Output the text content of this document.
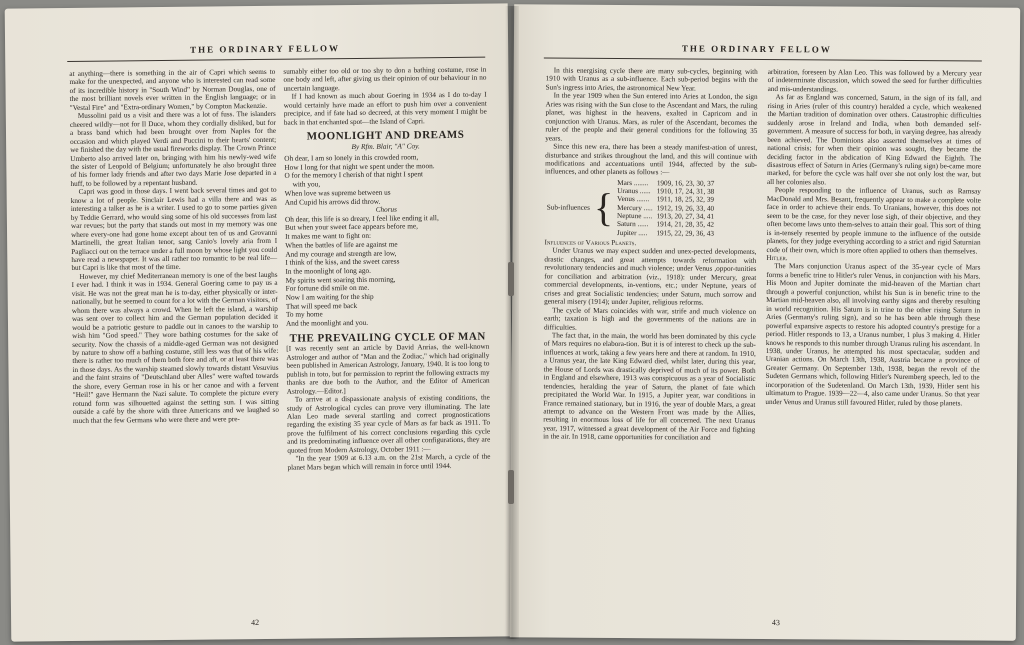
THE ORDINARY FELLOW

at anything—there is something in the air of Capri which seems to make for the unexpected, and anyone who is interested can read some of its incredible history in "South Wind" by Norman Douglas, one of the most brilliant novels ever written in the English language; or in "Vestal Fire" and "Extra-ordinary Women," by Compton Mackenzie.

Mussolini paid us a visit and there was a lot of fuss. The islanders cheered wildly—not for Il Duce, whom they cordially disliked, but for a brass band which had been brought over from Naples for the occasion and which played Verdi and Puccini to their hearts' content; we finished the day with the usual fireworks display. The Crown Prince Umberto also arrived later on, bringing with him his newly-wed wife the sister of Leopold of Belgium; unfortunately he also brought three of his former lady friends and after two days Marie Jose departed in a huff, to be followed by a repentant husband.

Capri was good in those days. I went back several times and got to know a lot of people. Sinclair Lewis had a villa there and was as interesting a talker as he is a writer. I used to go to some parties given by Teddie Gerrard, who would sing some of his old successes from last war revues; but the party that stands out most in my memory was one where every-one had gone home except about ten of us and Grovanni Martinelli, the great Italian tenor, sang Canio's lovely aria from I Pagliacci out on the terrace under a full moon by whose light you could have read a newspaper. It was all rather too romantic to be real life—but Capri is like that most of the time.

However, my chief Mediterranean memory is one of the best laughs I ever had. I think it was in 1934. General Goering came to pay us a visit. He was not the great man he is to-day, either physically or inter-nationally, but he seemed to count for a lot with the German visitors, of whom there was always a crowd. When he left the island, a warship was sent over to collect him and the German population decided it would be a patriotic gesture to paddle out in canoes to the warship to wish him "God speed." They wore bathing costumes for the sake of security. Now the chassis of a middle-aged German was not designed by nature to show off a bathing costume, still less was that of his wife: there is rather too much of them both fore and aft, or at least there was in those days. As the warship steamed slowly towards distant Vesuvius and the faint strains of "Deutschland uber Alles" were wafted towards the shore, every German rose in his or her canoe and with a fervent "Heil!" gave Hermann the Nazi salute. To complete the picture every rotund form was silhouetted against the setting sun. I was sitting outside a café by the shore with three Americans and we laughed so much that the few Germans who were there and were pre-

sumably either too old or too shy to don a bathing costume, rose in one body and left, after giving us their opinion of our behaviour in no uncertain language.

If I had known as much about Goering in 1934 as I do to-day I would certainly have made an effort to push him over a convenient precipice, and if fate had so decreed, at this very moment I might be back in that enchanted spot—the Island of Capri.

MOONLIGHT AND DREAMS
By Rfm. Blair, "A" Coy.
Oh dear, I am so lonely in this crowded room,
How I long for that night we spent under the moon.
O for the memory I cherish of that night I spent
with you,
When love was supreme between us
And Cupid his arrows did throw.
Chorus
Oh dear, this life is so dreary, I feel like ending it all,
But when your sweet face appears before me,
It makes me want to fight on:
When the battles of life are against me
And my courage and strength are low,
I think of the kiss, and the sweet caress
In the moonlight of long ago.
My spirits went soaring this morning,
For fortune did smile on me.
Now I am waiting for the ship
That will speed me back
To my home
And the moonlight and you.
THE PREVAILING CYCLE OF MAN

[I was recently sent an article by David Anrias, the well-known Astrologer and author of "Man and the Zodiac," which had originally been published in American Astrology, January, 1940. It is too long to publish in toto, but for permission to reprint the following extracts my thanks are due both to the Author, and the Editor of American Astrology.—Editor.]

To arrive at a dispassionate analysis of existing conditions, the study of Astrological cycles can prove very illuminating. The late Alan Leo made several startling and correct prognostications regarding the existing 35 year cycle of Mars as far back as 1911. To prove the fulfilment of his correct conclusions regarding this cycle and its predominating influence over all other configurations, they are quoted from Modern Astrology, October 1911 :—

"In the year 1909 at 6.13 a.m. on the 21st March, a cycle of the planet Mars began which will remain in force until 1944.

42
THE ORDINARY FELLOW

In this energising cycle there are many sub-cycles, beginning with 1910 with Uranus as a sub-influence. Each sub-period begins with the Sun's ingress into Aries, the astronomical New Year.

In the year 1909 when the Sun entered into Aries at London, the sign Aries was rising with the Sun close to the Ascendant and Mars, the ruling planet, was highest in the heavens, exalted in Capricorn and in conjunction with Uranus. Mars, as ruler of the Ascendant, becomes the ruler of the people and their general conditions for the following 35 years.

Since this new era, there has been a steady manifest-ation of unrest, disturbance and strikes throughout the land, and this will continue with modifications and accentuations until 1944, affected by the sub-influences, and other planets as follows :—

Sub-influences	{	Mars ........	1909, 16, 23, 30, 37
		Uranus ......	1910, 17, 24, 31, 38
		Venus .......	1911, 18, 25, 32, 39
		Mercury .....	1912, 19, 26, 33, 40
		Neptune .....	1913, 20, 27, 34, 41
		Saturn ......	1914, 21, 28, 35, 42
		Jupiter .....	1915, 22, 29, 36, 43

Influences of Various Planets.

Under Uranus we may expect sudden and unex-pected developments, drastic changes, and great attempts towards reformation with revolutionary tendencies and much violence; under Venus ,oppor-tunities for conciliation and arbitration (viz., 1918): under Mercury, great commercial developments, in-ventions, etc.; under Neptune, years of crises and great Socialistic tendencies; under Saturn, much sorrow and general misery (1914); under Jupiter, religious reforms.

The cycle of Mars coincides with war, strife and much violence on earth; taxation is high and the governments of the nations are in difficulties.

The fact that, in the main, the world has been dominated by this cycle of Mars requires no elabora-tion. But it is of interest to check up the sub-influences at work, taking a few years here and there at random. In 1910, a Uranus year, the late King Edward died, whilst later, during this year, the House of Lords was drastically deprived of much of its power. Both in England and elsewhere, 1913 was conspicuous as a year of Socialistic tendencies, heralding the year of Saturn, the planet of fate which precipitated the World War. In 1915, a Jupiter year, war conditions in France remained stationary, but in 1916, the year of double Mars, a great attempt to advance on the Western Front was made by the Allies, resulting in enormous loss of life for all concerned. The next Uranus year, 1917, witnessed a great development of the Air Force and fighting in the air. In 1918, came opportunities for conciliation and

arbitration, foreseen by Alan Leo. This was followed by a Mercury year of indeterminate discussion, which sowed the seed for further difficulties and mis-understandings.

As far as England was concerned, Saturn, in the sign of its fall, and rising in Aries (ruler of this country) heralded a cycle, which weakened the Martian tradition of domination over others. Catastrophic difficulties suddenly arose in Ireland and India, when both demanded self-government. A measure of success for both, in varying degree, has already been achieved. The Dominions also asserted themselves at times of national crisis; for when their opinion was sought, they became the deciding factor in the abdication of King Edward the Eighth. The disastrous effect of Saturn in Aries (Germany's ruling sign) be-came more marked, for before the cycle was half over she not only lost the war, but all her colonies also.

People responding to the influence of Uranus, such as Ramsay MacDonald and Mrs. Besant, frequently appear to make a complete volte face in order to achieve their ends. To Uranians, however, this does not seem to be the case, for they never lose sigh, of their objective, and they often become laws unto them-selves to attain their goal. This sort of thing is in-tensely resented by people immune to the influence of the outside planets, for they judge everything according to a strict and rigid Saturnian code of their own, which is more often applied to others than themselves.

Hitler.

The Mars conjunction Uranus aspect of the 35-year cycle of Mars forms a benefic trine to Hitler's ruler Venus, in conjunction with his Mars. His Moon and Jupiter dominate the mid-heaven of the Martian chart through a powerful conjunction, whilst his Sun is in benefic trine to the Martian mid-heaven also, all involving earthy signs and thereby resulting in world recognition. His Saturn is in trine to the other rising Saturn in Aries (Germany's ruling sign), and so he has been able through these powerful expansive aspects to restore his adopted country's prestige for a period. Hitler responds to 13, a Uranus number, 1 plus 3 making 4. Hitler knows he responds to this number through Uranus ruling his ascendant. In 1938, under Uranus, he attempted his most spectacular, sudden and Uranian actions. On March 13th, 1938, Austria became a province of Greater Germany. On September 13th, 1938, began the revolt of the Sudeten Germans which, following Hitler's Nuremberg speech, led to the incorporation of the Sudetenland. On March 13th, 1939, Hitler sent his ultimatum to Prague. 1939—22—4, also came under Uranus. So that year under Venus and Uranus still favoured Hitler, ruled by those planets.

43
